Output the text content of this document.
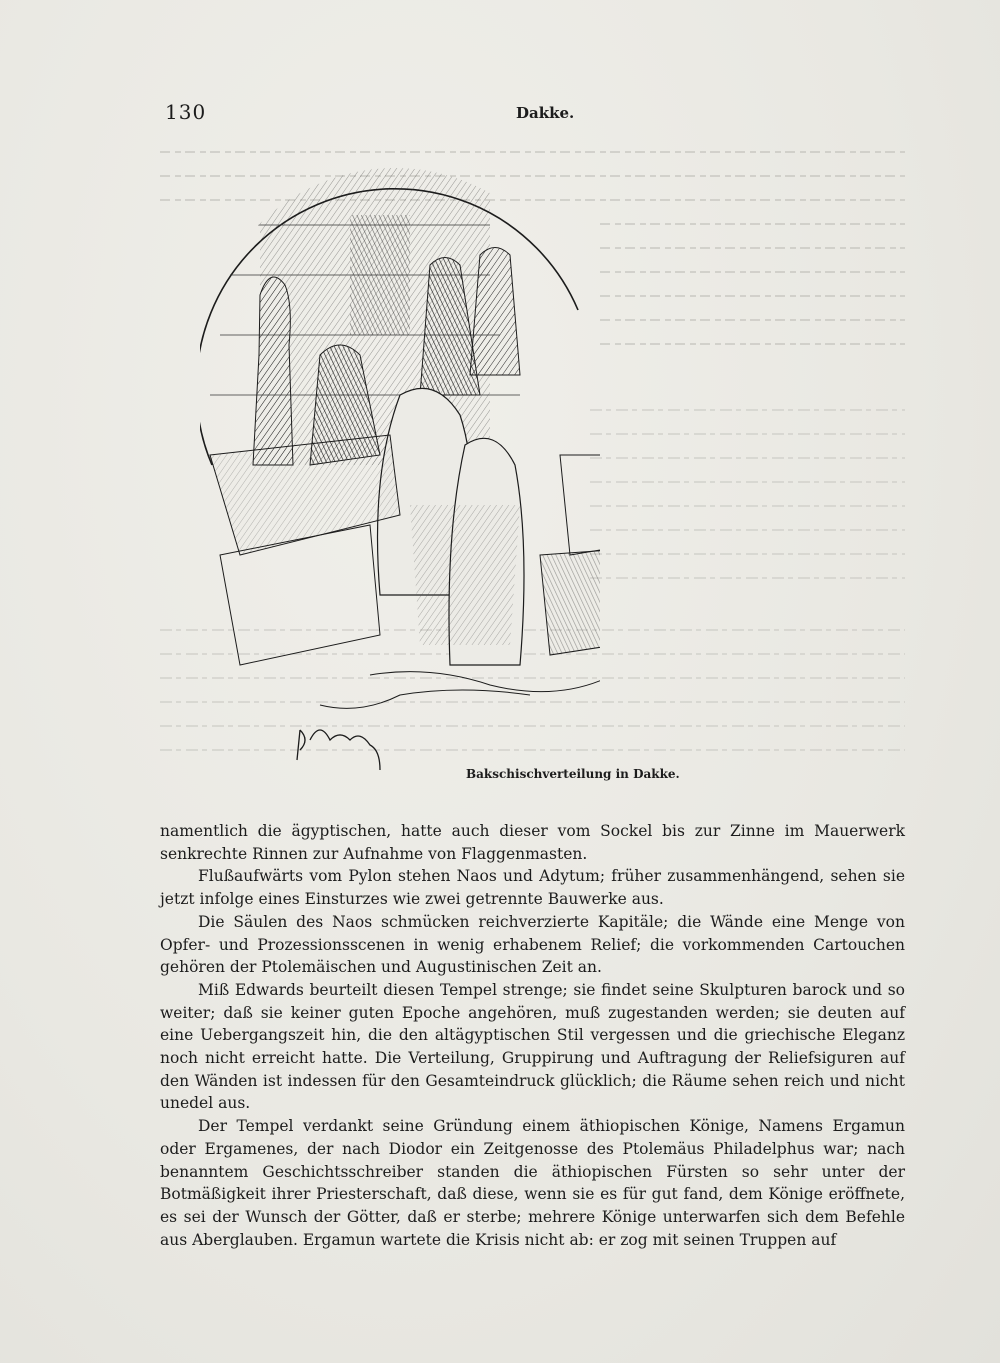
130	Dakke.
Bakschischverteilung in Dakke.

namentlich die ägyptischen, hatte auch dieser vom Sockel bis zur Zinne im Mauerwerk senkrechte Rinnen zur Aufnahme von Flaggenmasten.

Flußaufwärts vom Pylon stehen Naos und Adytum; früher zusammenhängend, sehen sie jetzt infolge eines Einsturzes wie zwei getrennte Bauwerke aus.

Die Säulen des Naos schmücken reichverzierte Kapitäle; die Wände eine Menge von Opfer- und Prozessionsscenen in wenig erhabenem Relief; die vorkommenden Cartouchen gehören der Ptolemäischen und Augustinischen Zeit an.

Miß Edwards beurteilt diesen Tempel strenge; sie findet seine Skulpturen barock und so weiter; daß sie keiner guten Epoche angehören, muß zugestanden werden; sie deuten auf eine Uebergangszeit hin, die den altägyptischen Stil vergessen und die griechische Eleganz noch nicht erreicht hatte. Die Verteilung, Gruppirung und Auftragung der Reliefsiguren auf den Wänden ist indessen für den Gesamteindruck glücklich; die Räume sehen reich und nicht unedel aus.

Der Tempel verdankt seine Gründung einem äthiopischen Könige, Namens Ergamun oder Ergamenes, der nach Diodor ein Zeitgenosse des Ptolemäus Philadelphus war; nach benanntem Geschichtsschreiber standen die äthiopischen Fürsten so sehr unter der Botmäßigkeit ihrer Priesterschaft, daß diese, wenn sie es für gut fand, dem Könige eröffnete, es sei der Wunsch der Götter, daß er sterbe; mehrere Könige unterwarfen sich dem Befehle aus Aberglauben. Ergamun wartete die Krisis nicht ab: er zog mit seinen Truppen auf
